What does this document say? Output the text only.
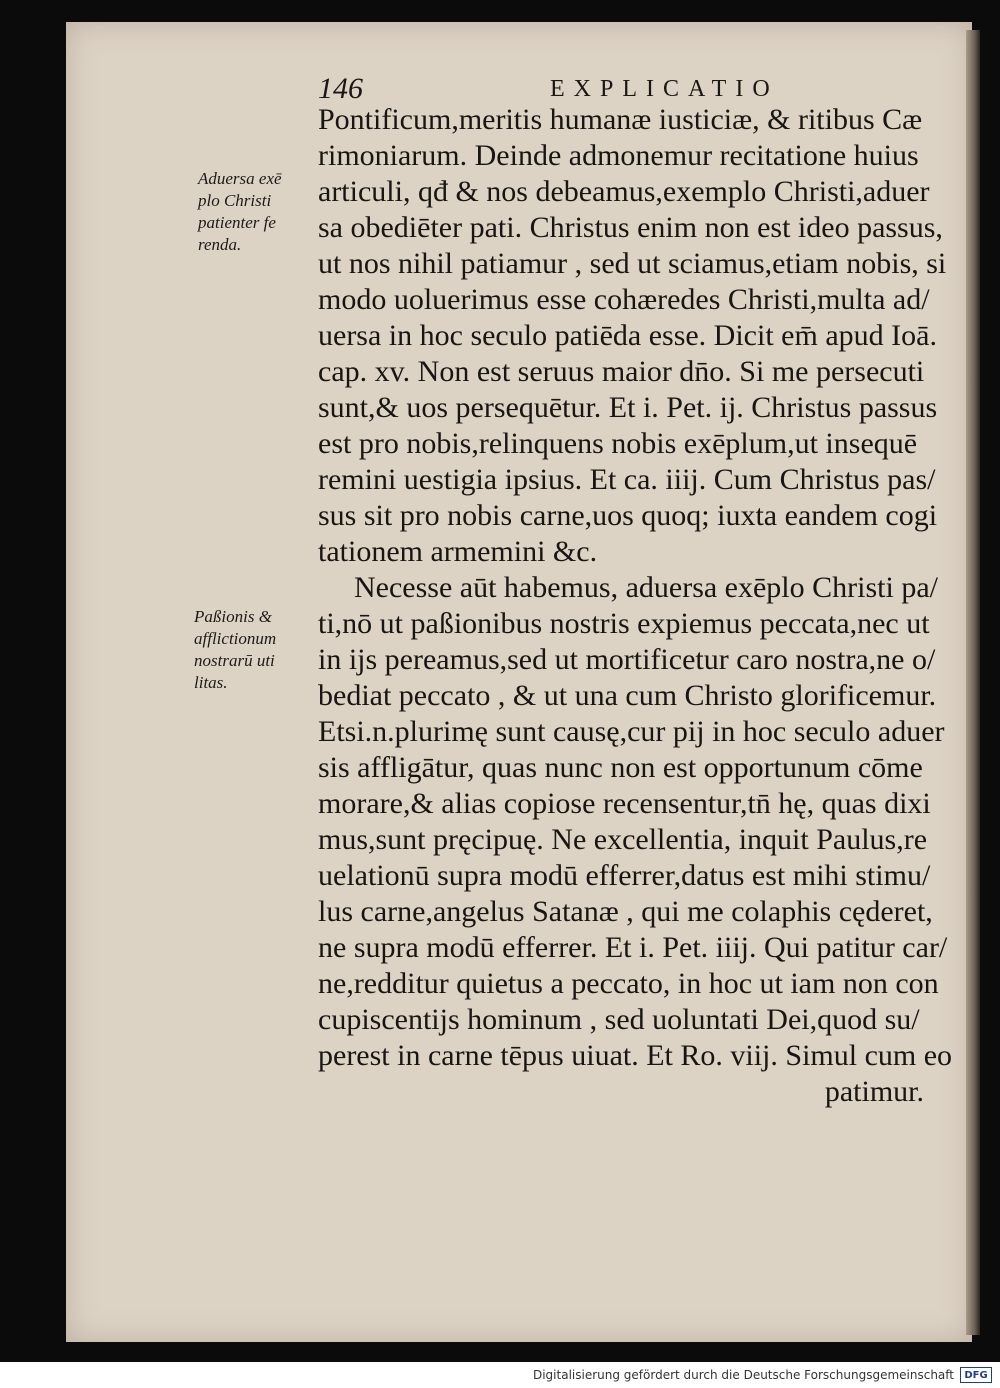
146	EXPLICATIO
Aduersa exē
plo Christi
patienter fe
renda.
Paßionis &
afflictionum
nostrarū uti
litas.
Pontificum,meritis humanæ iusticiæ, & ritibus Cæ
rimoniarum. Deinde admonemur recitatione huius
articuli, qđ & nos debeamus,exemplo Christi,aduer
sa obediēter pati. Christus enim non est ideo passus,
ut nos nihil patiamur , sed ut sciamus,etiam nobis, si
modo uoluerimus esse cohæredes Christi,multa ad/
uersa in hoc seculo patiēda esse. Dicit em̄ apud Ioā.
cap. xv. Non est seruus maior dn̄o. Si me persecuti
sunt,& uos persequētur. Et i. Pet. ij. Christus passus
est pro nobis,relinquens nobis exēplum,ut insequē
remini uestigia ipsius. Et ca. iiij. Cum Christus pas/
sus sit pro nobis carne,uos quoq; iuxta eandem cogi
tationem armemini &c.
Necesse aūt habemus, aduersa exēplo Christi pa/
ti,nō ut paßionibus nostris expiemus peccata,nec ut
in ijs pereamus,sed ut mortificetur caro nostra,ne o/
bediat peccato , & ut una cum Christo glorificemur.
Etsi.n.plurimę sunt causę,cur pij in hoc seculo aduer
sis affligātur, quas nunc non est opportunum cōme
morare,& alias copiose recensentur,tn̄ hę, quas dixi
mus,sunt pręcipuę. Ne excellentia, inquit Paulus,re
uelationū supra modū efferrer,datus est mihi stimu/
lus carne,angelus Satanæ , qui me colaphis cęderet,
ne supra modū efferrer. Et i. Pet. iiij. Qui patitur car/
ne,redditur quietus a peccato, in hoc ut iam non con
cupiscentijs hominum , sed uoluntati Dei,quod su/
perest in carne tēpus uiuat. Et Ro. viij. Simul cum eo
patimur.
Digitalisierung gefördert durch die Deutsche Forschungsgemeinschaft	DFG
